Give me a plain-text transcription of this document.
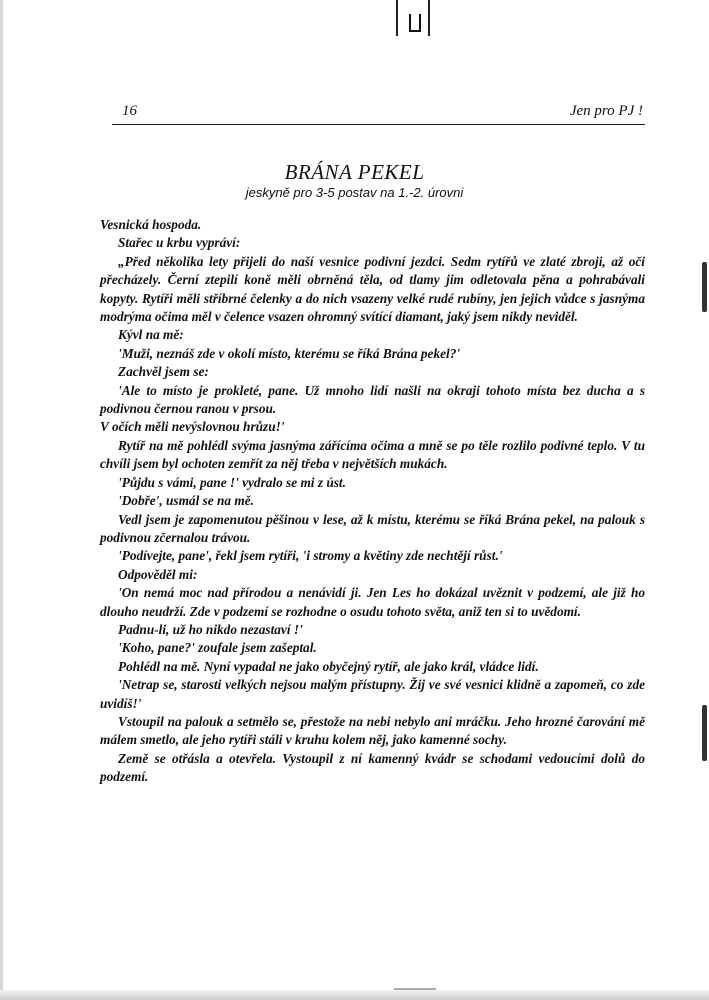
16	Jen pro PJ !
BRÁNA PEKEL
jeskyně pro 3-5 postav na 1.-2. úrovni

Vesnická hospoda.

Stařec u krbu vypráví:

„Před několika lety přijeli do naší vesnice podivní jezdci. Sedm rytířů ve zlaté zbroji, až oči přecházely. Černí ztepilí koně měli obrněná těla, od tlamy jim odletovala pěna a pohrabávali kopyty. Rytíři měli stříbrné čelenky a do nich vsazeny velké rudé rubíny, jen jejich vůdce s jasnýma modrýma očima měl v čelence vsazen ohromný svítící diamant, jaký jsem nikdy neviděl.

Kývl na mě:

'Muži, neznáš zde v okolí místo, kterému se říká Brána pekel?'

Zachvěl jsem se:

'Ale to místo je prokleté, pane. Už mnoho lidí našli na okraji tohoto místa bez ducha a s podivnou černou ranou v prsou.

V očích měli nevýslovnou hrůzu!'

Rytíř na mě pohlédl svýma jasnýma zářícíma očima a mně se po těle rozlilo podivné teplo. V tu chvíli jsem byl ochoten zemřít za něj třeba v největších mukách.

'Půjdu s vámi, pane !' vydralo se mi z úst.

'Dobře', usmál se na mě.

Vedl jsem je zapomenutou pěšinou v lese, až k místu, kterému se říká Brána pekel, na palouk s podivnou zčernalou trávou.

'Podívejte, pane', řekl jsem rytíři, 'i stromy a květiny zde nechtějí růst.'

Odpověděl mi:

'On nemá moc nad přírodou a nenávidí ji. Jen Les ho dokázal uvěznit v podzemí, ale již ho dlouho neudrží. Zde v podzemí se rozhodne o osudu tohoto světa, aniž ten si to uvědomí.

Padnu-li, už ho nikdo nezastaví !'

'Koho, pane?' zoufale jsem zašeptal.

Pohlédl na mě. Nyní vypadal ne jako obyčejný rytíř, ale jako král, vládce lidí.

'Netrap se, starosti velkých nejsou malým přístupny. Žij ve své vesnici klidně a zapomeň, co zde uvidíš!'

Vstoupil na palouk a setmělo se, přestože na nebi nebylo ani mráčku. Jeho hrozné čarování mě málem smetlo, ale jeho rytíři stáli v kruhu kolem něj, jako kamenné sochy.

Země se otřásla a otevřela. Vystoupil z ní kamenný kvádr se schodami vedoucími dolů do podzemí.
